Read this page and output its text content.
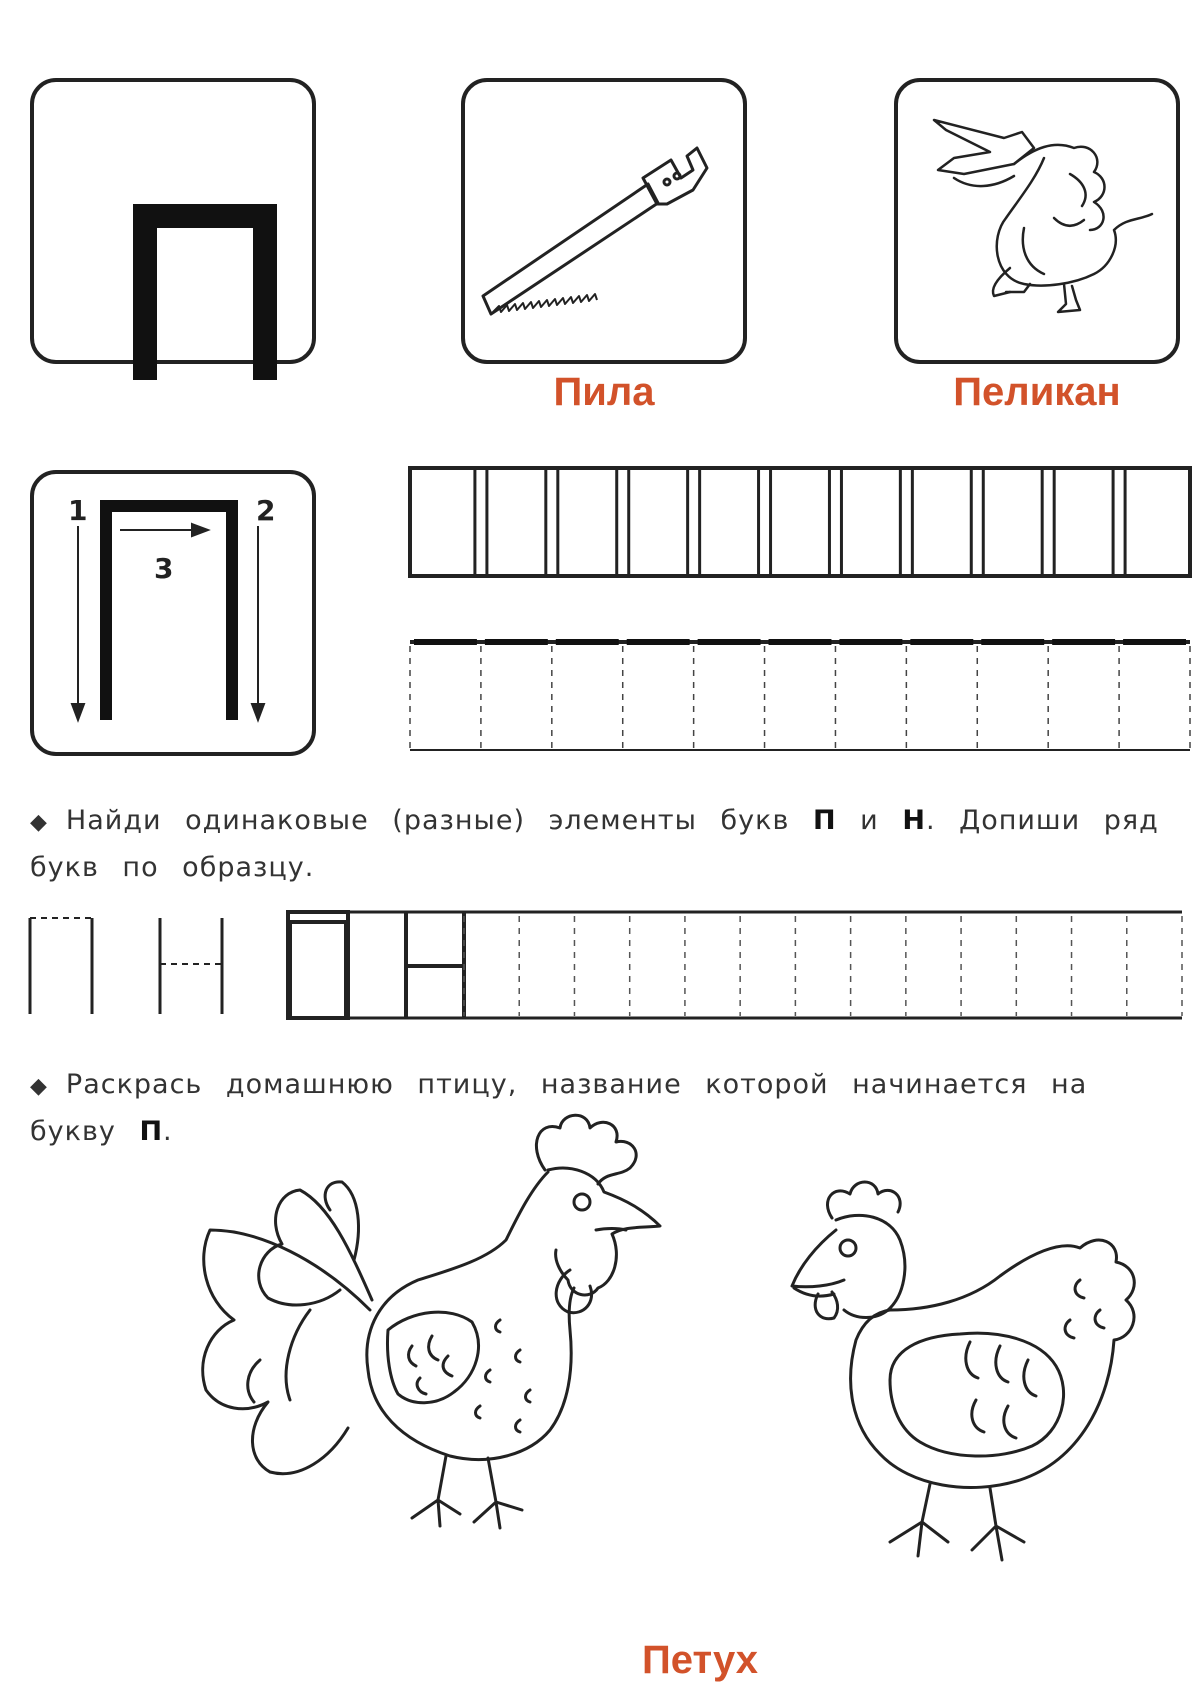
Пила	Пеликан
1	2
3
◆ Найди одинаковые (разные) элементы букв П и Н. Допиши ряд букв по образцу.
◆ Раскрась домашнюю птицу, название которой начинается на букву П.
Петух
